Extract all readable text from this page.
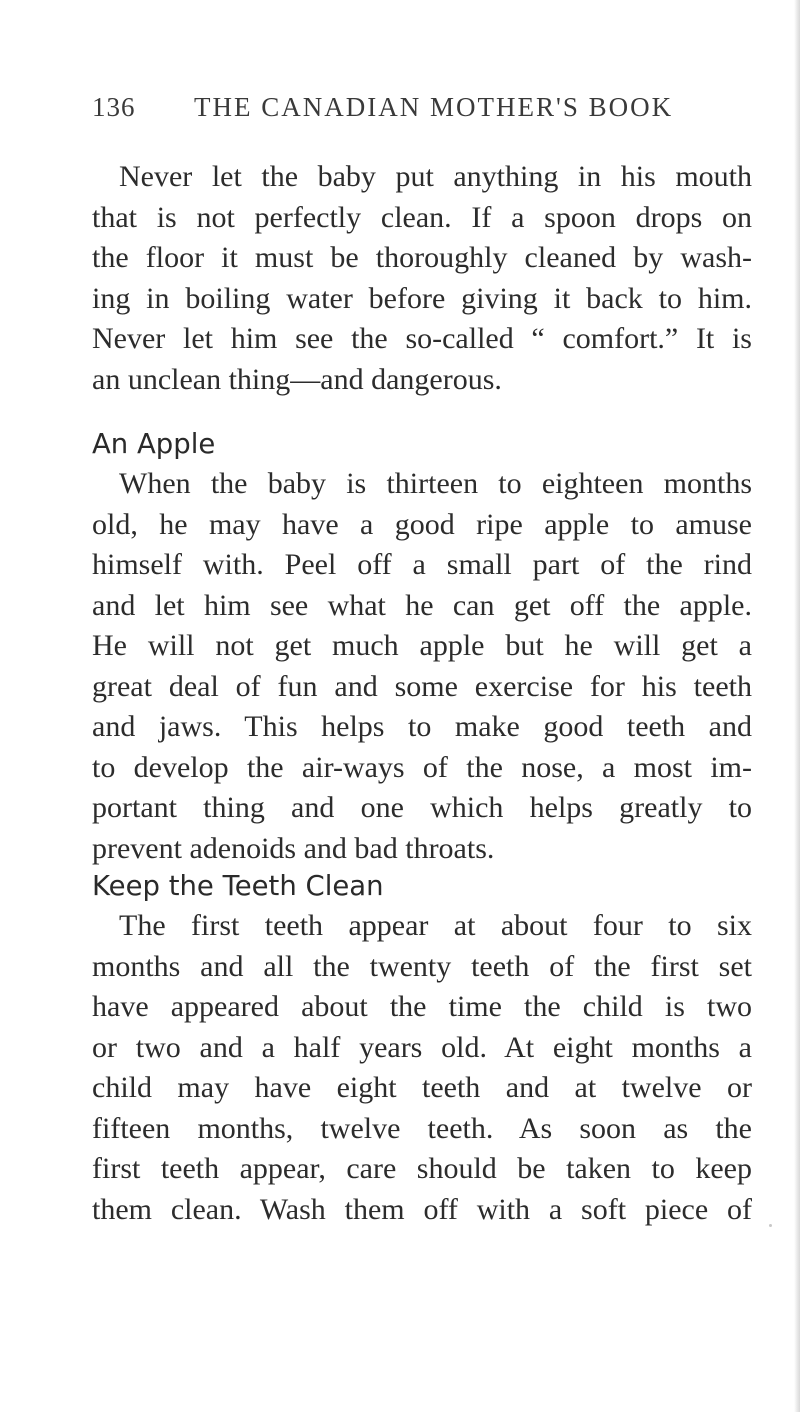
136 THE CANADIAN MOTHER'S BOOK
Never let the baby put anything in his mouth
that is not perfectly clean. If a spoon drops on
the floor it must be thoroughly cleaned by wash-
ing in boiling water before giving it back to him.
Never let him see the so-called “ comfort.” It is
an unclean thing—and dangerous.
An Apple
When the baby is thirteen to eighteen months
old, he may have a good ripe apple to amuse
himself with. Peel off a small part of the rind
and let him see what he can get off the apple.
He will not get much apple but he will get a
great deal of fun and some exercise for his teeth
and jaws. This helps to make good teeth and
to develop the air-ways of the nose, a most im-
portant thing and one which helps greatly to
prevent adenoids and bad throats.
Keep the Teeth Clean
The first teeth appear at about four to six
months and all the twenty teeth of the first set
have appeared about the time the child is two
or two and a half years old. At eight months a
child may have eight teeth and at twelve or
fifteen months, twelve teeth. As soon as the
first teeth appear, care should be taken to keep
them clean. Wash them off with a soft piece of
